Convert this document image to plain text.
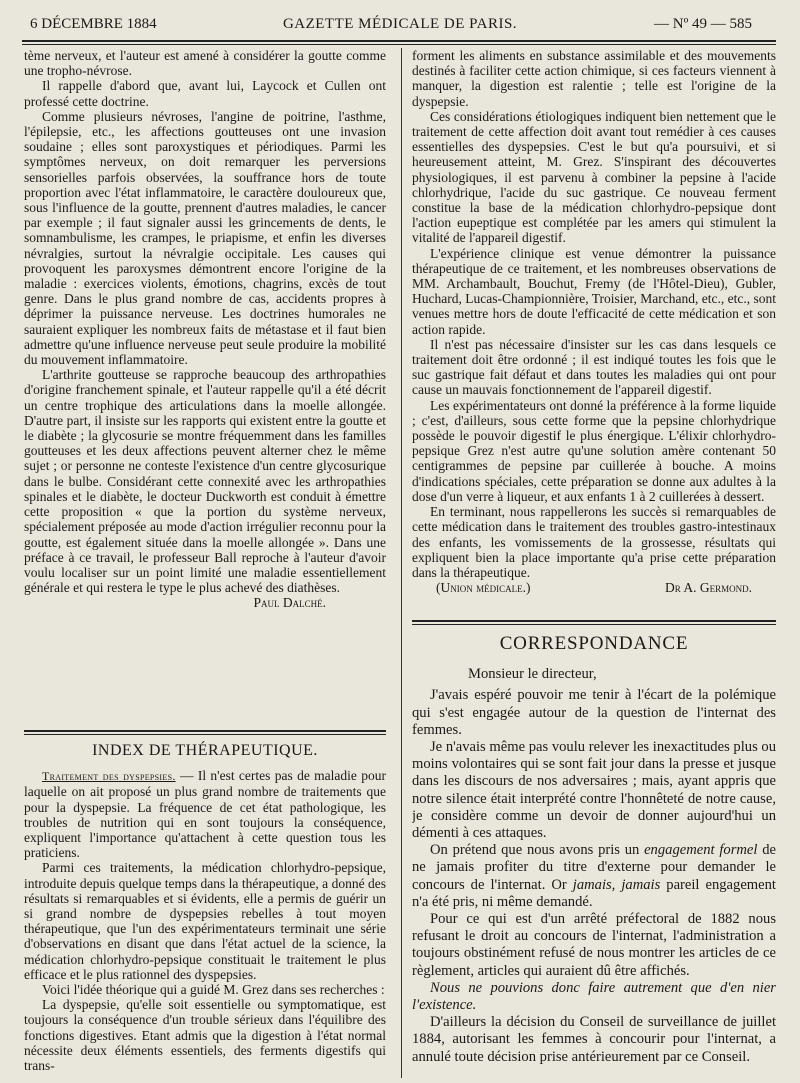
6 DÉCEMBRE 1884	GAZETTE MÉDICALE DE PARIS.	— Nº 49 — 585

tème nerveux, et l'auteur est amené à considérer la goutte comme une tropho-névrose.

Il rappelle d'abord que, avant lui, Laycock et Cullen ont professé cette doctrine.

Comme plusieurs névroses, l'angine de poitrine, l'asthme, l'épilepsie, etc., les affections goutteuses ont une invasion soudaine ; elles sont paroxystiques et périodiques. Parmi les symptômes nerveux, on doit remarquer les perversions sensorielles parfois observées, la souffrance hors de toute proportion avec l'état inflammatoire, le caractère douloureux que, sous l'influence de la goutte, prennent d'autres maladies, le cancer par exemple ; il faut signaler aussi les grincements de dents, le somnambulisme, les crampes, le priapisme, et enfin les diverses névralgies, surtout la névralgie occipitale. Les causes qui provoquent les paroxysmes démontrent encore l'origine de la maladie : exercices violents, émotions, chagrins, excès de tout genre. Dans le plus grand nombre de cas, accidents propres à déprimer la puissance nerveuse. Les doctrines humorales ne sauraient expliquer les nombreux faits de métastase et il faut bien admettre qu'une influence nerveuse peut seule produire la mobilité du mouvement inflammatoire.

L'arthrite goutteuse se rapproche beaucoup des arthropathies d'origine franchement spinale, et l'auteur rappelle qu'il a été décrit un centre trophique des articulations dans la moelle allongée. D'autre part, il insiste sur les rapports qui existent entre la goutte et le diabète ; la glycosurie se montre fréquemment dans les familles goutteuses et les deux affections peuvent alterner chez le même sujet ; or personne ne conteste l'existence d'un centre glycosurique dans le bulbe. Considérant cette connexité avec les arthropathies spinales et le diabète, le docteur Duckworth est conduit à émettre cette proposition « que la portion du système nerveux, spécialement préposée au mode d'action irrégulier reconnu pour la goutte, est également située dans la moelle allongée ». Dans une préface à ce travail, le professeur Ball reproche à l'auteur d'avoir voulu localiser sur un point limité une maladie essentiellement générale et qui restera le type le plus achevé des diathèses.

Paul Dalché.
INDEX DE THÉRAPEUTIQUE.

Traitement des dyspepsies. — Il n'est certes pas de maladie pour laquelle on ait proposé un plus grand nombre de traitements que pour la dyspepsie. La fréquence de cet état pathologique, les troubles de nutrition qui en sont toujours la conséquence, expliquent l'importance qu'attachent à cette question tous les praticiens.

Parmi ces traitements, la médication chlorhydro-pepsique, introduite depuis quelque temps dans la thérapeutique, a donné des résultats si remarquables et si évidents, elle a permis de guérir un si grand nombre de dyspepsies rebelles à tout moyen thérapeutique, que l'un des expérimentateurs terminait une série d'observations en disant que dans l'état actuel de la science, la médication chlorhydro-pepsique constituait le traitement le plus efficace et le plus rationnel des dyspepsies.

Voici l'idée théorique qui a guidé M. Grez dans ses recherches :

La dyspepsie, qu'elle soit essentielle ou symptomatique, est toujours la conséquence d'un trouble sérieux dans l'équilibre des fonctions digestives. Etant admis que la digestion à l'état normal nécessite deux éléments essentiels, des ferments digestifs qui trans-

forment les aliments en substance assimilable et des mouvements destinés à faciliter cette action chimique, si ces facteurs viennent à manquer, la digestion est ralentie ; telle est l'origine de la dyspepsie.

Ces considérations étiologiques indiquent bien nettement que le traitement de cette affection doit avant tout remédier à ces causes essentielles des dyspepsies. C'est le but qu'a poursuivi, et si heureusement atteint, M. Grez. S'inspirant des découvertes physiologiques, il est parvenu à combiner la pepsine à l'acide chlorhydrique, l'acide du suc gastrique. Ce nouveau ferment constitue la base de la médication chlorhydro-pepsique dont l'action eupeptique est complétée par les amers qui stimulent la vitalité de l'appareil digestif.

L'expérience clinique est venue démontrer la puissance thérapeutique de ce traitement, et les nombreuses observations de MM. Archambault, Bouchut, Fremy (de l'Hôtel-Dieu), Gubler, Huchard, Lucas-Championnière, Troisier, Marchand, etc., etc., sont venues mettre hors de doute l'efficacité de cette médication et son action rapide.

Il n'est pas nécessaire d'insister sur les cas dans lesquels ce traitement doit être ordonné ; il est indiqué toutes les fois que le suc gastrique fait défaut et dans toutes les maladies qui ont pour cause un mauvais fonctionnement de l'appareil digestif.

Les expérimentateurs ont donné la préférence à la forme liquide ; c'est, d'ailleurs, sous cette forme que la pepsine chlorhydrique possède le pouvoir digestif le plus énergique. L'élixir chlorhydro-pepsique Grez n'est autre qu'une solution amère contenant 50 centigrammes de pepsine par cuillerée à bouche. A moins d'indications spéciales, cette préparation se donne aux adultes à la dose d'un verre à liqueur, et aux enfants 1 à 2 cuillerées à dessert.

En terminant, nous rappellerons les succès si remarquables de cette médication dans le traitement des troubles gastro-intestinaux des enfants, les vomissements de la grossesse, résultats qui expliquent bien la place importante qu'a prise cette préparation dans la thérapeutique.

(Union médicale.)	Dr A. Germond.
CORRESPONDANCE

Monsieur le directeur,

J'avais espéré pouvoir me tenir à l'écart de la polémique qui s'est engagée autour de la question de l'internat des femmes.

Je n'avais même pas voulu relever les inexactitudes plus ou moins volontaires qui se sont fait jour dans la presse et jusque dans les discours de nos adversaires ; mais, ayant appris que notre silence était interprété contre l'honnêteté de notre cause, je considère comme un devoir de donner aujourd'hui un démenti à ces attaques.

On prétend que nous avons pris un engagement formel de ne jamais profiter du titre d'externe pour demander le concours de l'internat. Or jamais, jamais pareil engagement n'a été pris, ni même demandé.

Pour ce qui est d'un arrêté préfectoral de 1882 nous refusant le droit au concours de l'internat, l'administration a toujours obstinément refusé de nous montrer les articles de ce règlement, articles qui auraient dû être affichés.

Nous ne pouvions donc faire autrement que d'en nier l'existence.

D'ailleurs la décision du Conseil de surveillance de juillet 1884, autorisant les femmes à concourir pour l'internat, a annulé toute décision prise antérieurement par ce Conseil.
